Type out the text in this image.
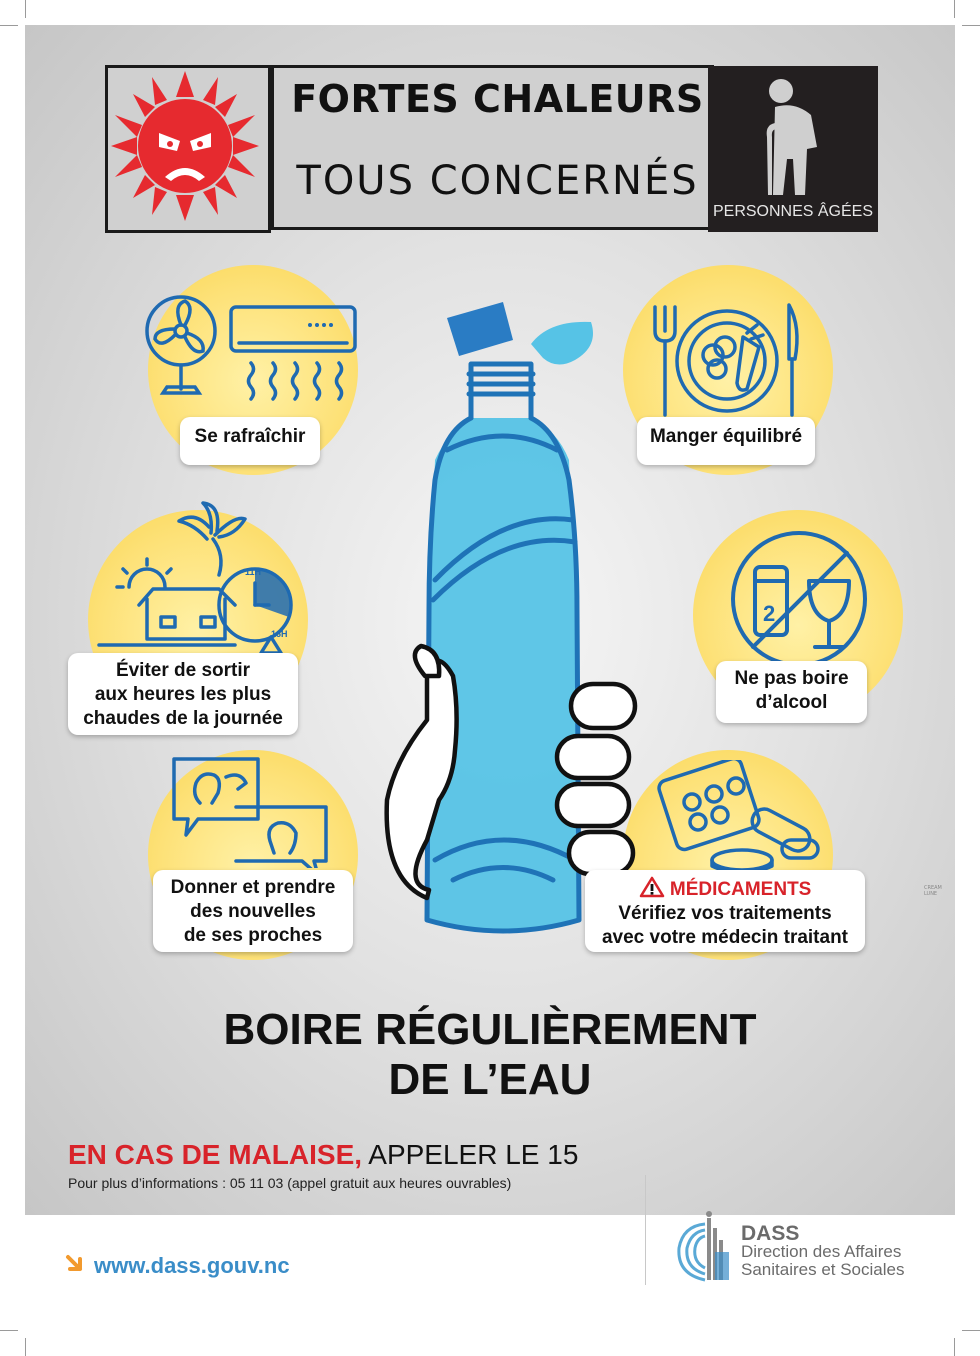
FORTES CHALEURS
TOUS CONCERNÉS
PERSONNES ÂGÉES
11H
16H
2
Se rafraîchir	Manger équilibré
Éviter de sortir
aux heures les plus
chaudes de la journée
Ne pas boire
d’alcool
Donner et prendre
des nouvelles
de ses proches
MÉDICAMENTS
Vérifiez vos traitements
avec votre médecin traitant
CREAM LUNE
BOIRE RÉGULIÈREMENT
DE L’EAU
EN CAS DE MALAISE, APPELER LE 15
Pour plus d’informations : 05 11 03 (appel gratuit aux heures ouvrables)
www.dass.gouv.nc
DASS
Direction des Affaires
Sanitaires et Sociales
